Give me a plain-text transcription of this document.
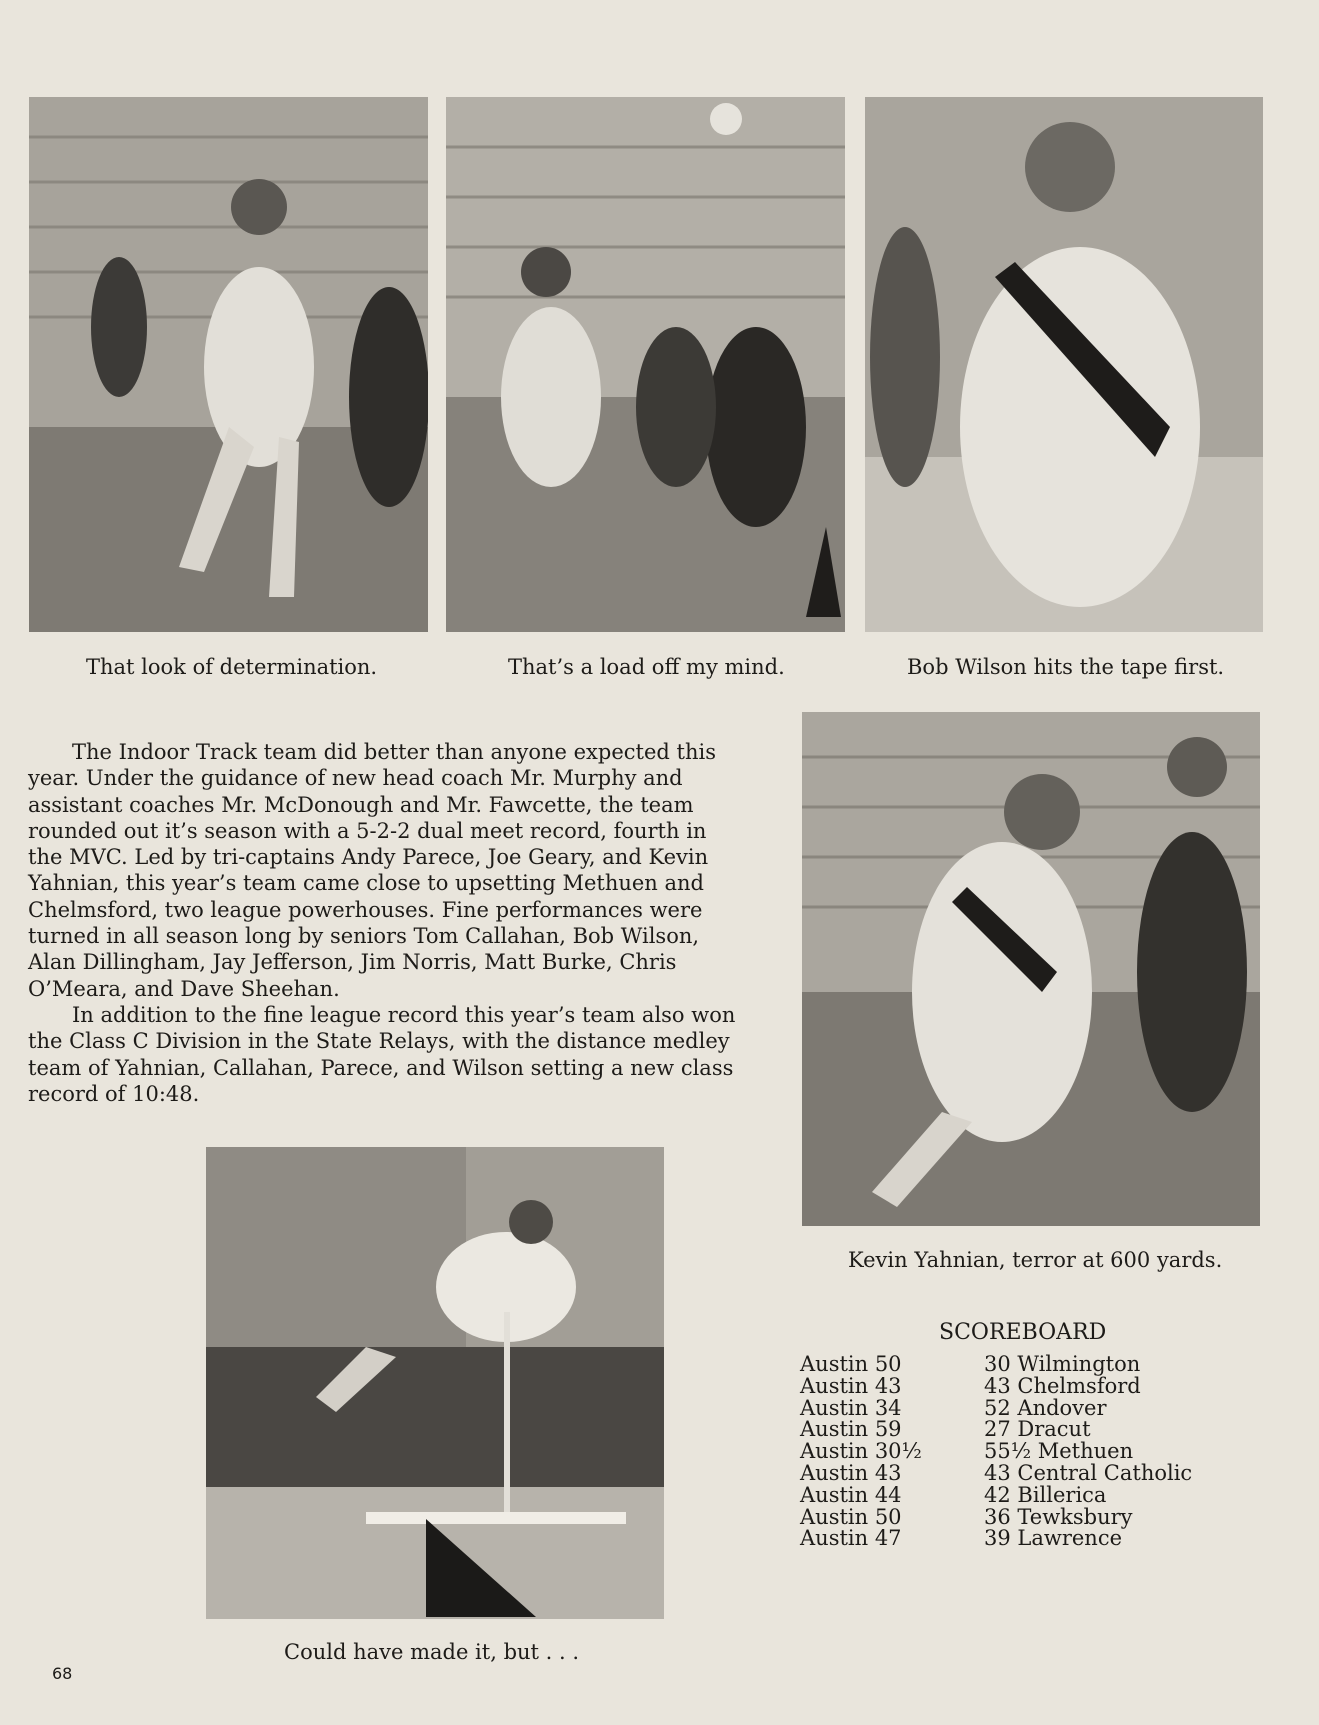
That look of determination.	That’s a load off my mind.	Bob Wilson hits the tape first.

The Indoor Track team did better than anyone expected this year. Under the guidance of new head coach Mr. Murphy and assistant coaches Mr. McDonough and Mr. Fawcette, the team rounded out it’s season with a 5-2-2 dual meet record, fourth in the MVC. Led by tri-captains Andy Parece, Joe Geary, and Kevin Yahnian, this year’s team came close to upsetting Methuen and Chelmsford, two league powerhouses. Fine performances were turned in all season long by seniors Tom Callahan, Bob Wilson, Alan Dillingham, Jay Jefferson, Jim Norris, Matt Burke, Chris O’Meara, and Dave Sheehan.

In addition to the fine league record this year’s team also won the Class C Division in the State Relays, with the distance medley team of Yahnian, Callahan, Parece, and Wilson setting a new class record of 10:48.

Kevin Yahnian, terror at 600 yards.
Could have made it, but . . .
SCOREBOARD
Austin 50	30 Wilmington
Austin 43	43 Chelmsford
Austin 34	52 Andover
Austin 59	27 Dracut
Austin 30½	55½ Methuen
Austin 43	43 Central Catholic
Austin 44	42 Billerica
Austin 50	36 Tewksbury
Austin 47	39 Lawrence
68
